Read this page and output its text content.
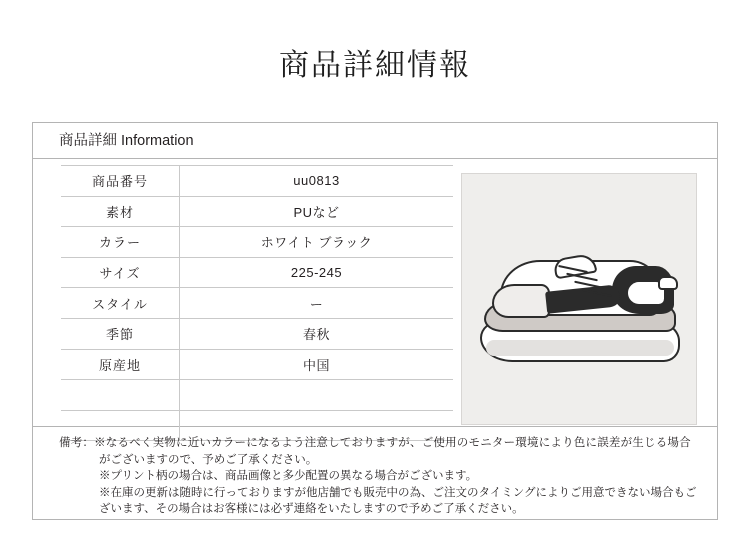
商品詳細情報
商品詳細 Information
商品番号	uu0813
素材	PUなど
カラー	ホワイト ブラック
サイズ	225-245
スタイル	ー
季節	春秋
原産地	中国

備考：※なるべく実物に近いカラーになるよう注意しておりますが、ご使用のモニター環境により色に誤差が生じる場合
がございますので、予めご了承ください。
※プリント柄の場合は、商品画像と多少配置の異なる場合がございます。
※在庫の更新は随時に行っておりますが他店舗でも販売中の為、ご注文のタイミングによりご用意できない場合もご
ざいます、その場合はお客様には必ず連絡をいたしますので予めご了承ください。
